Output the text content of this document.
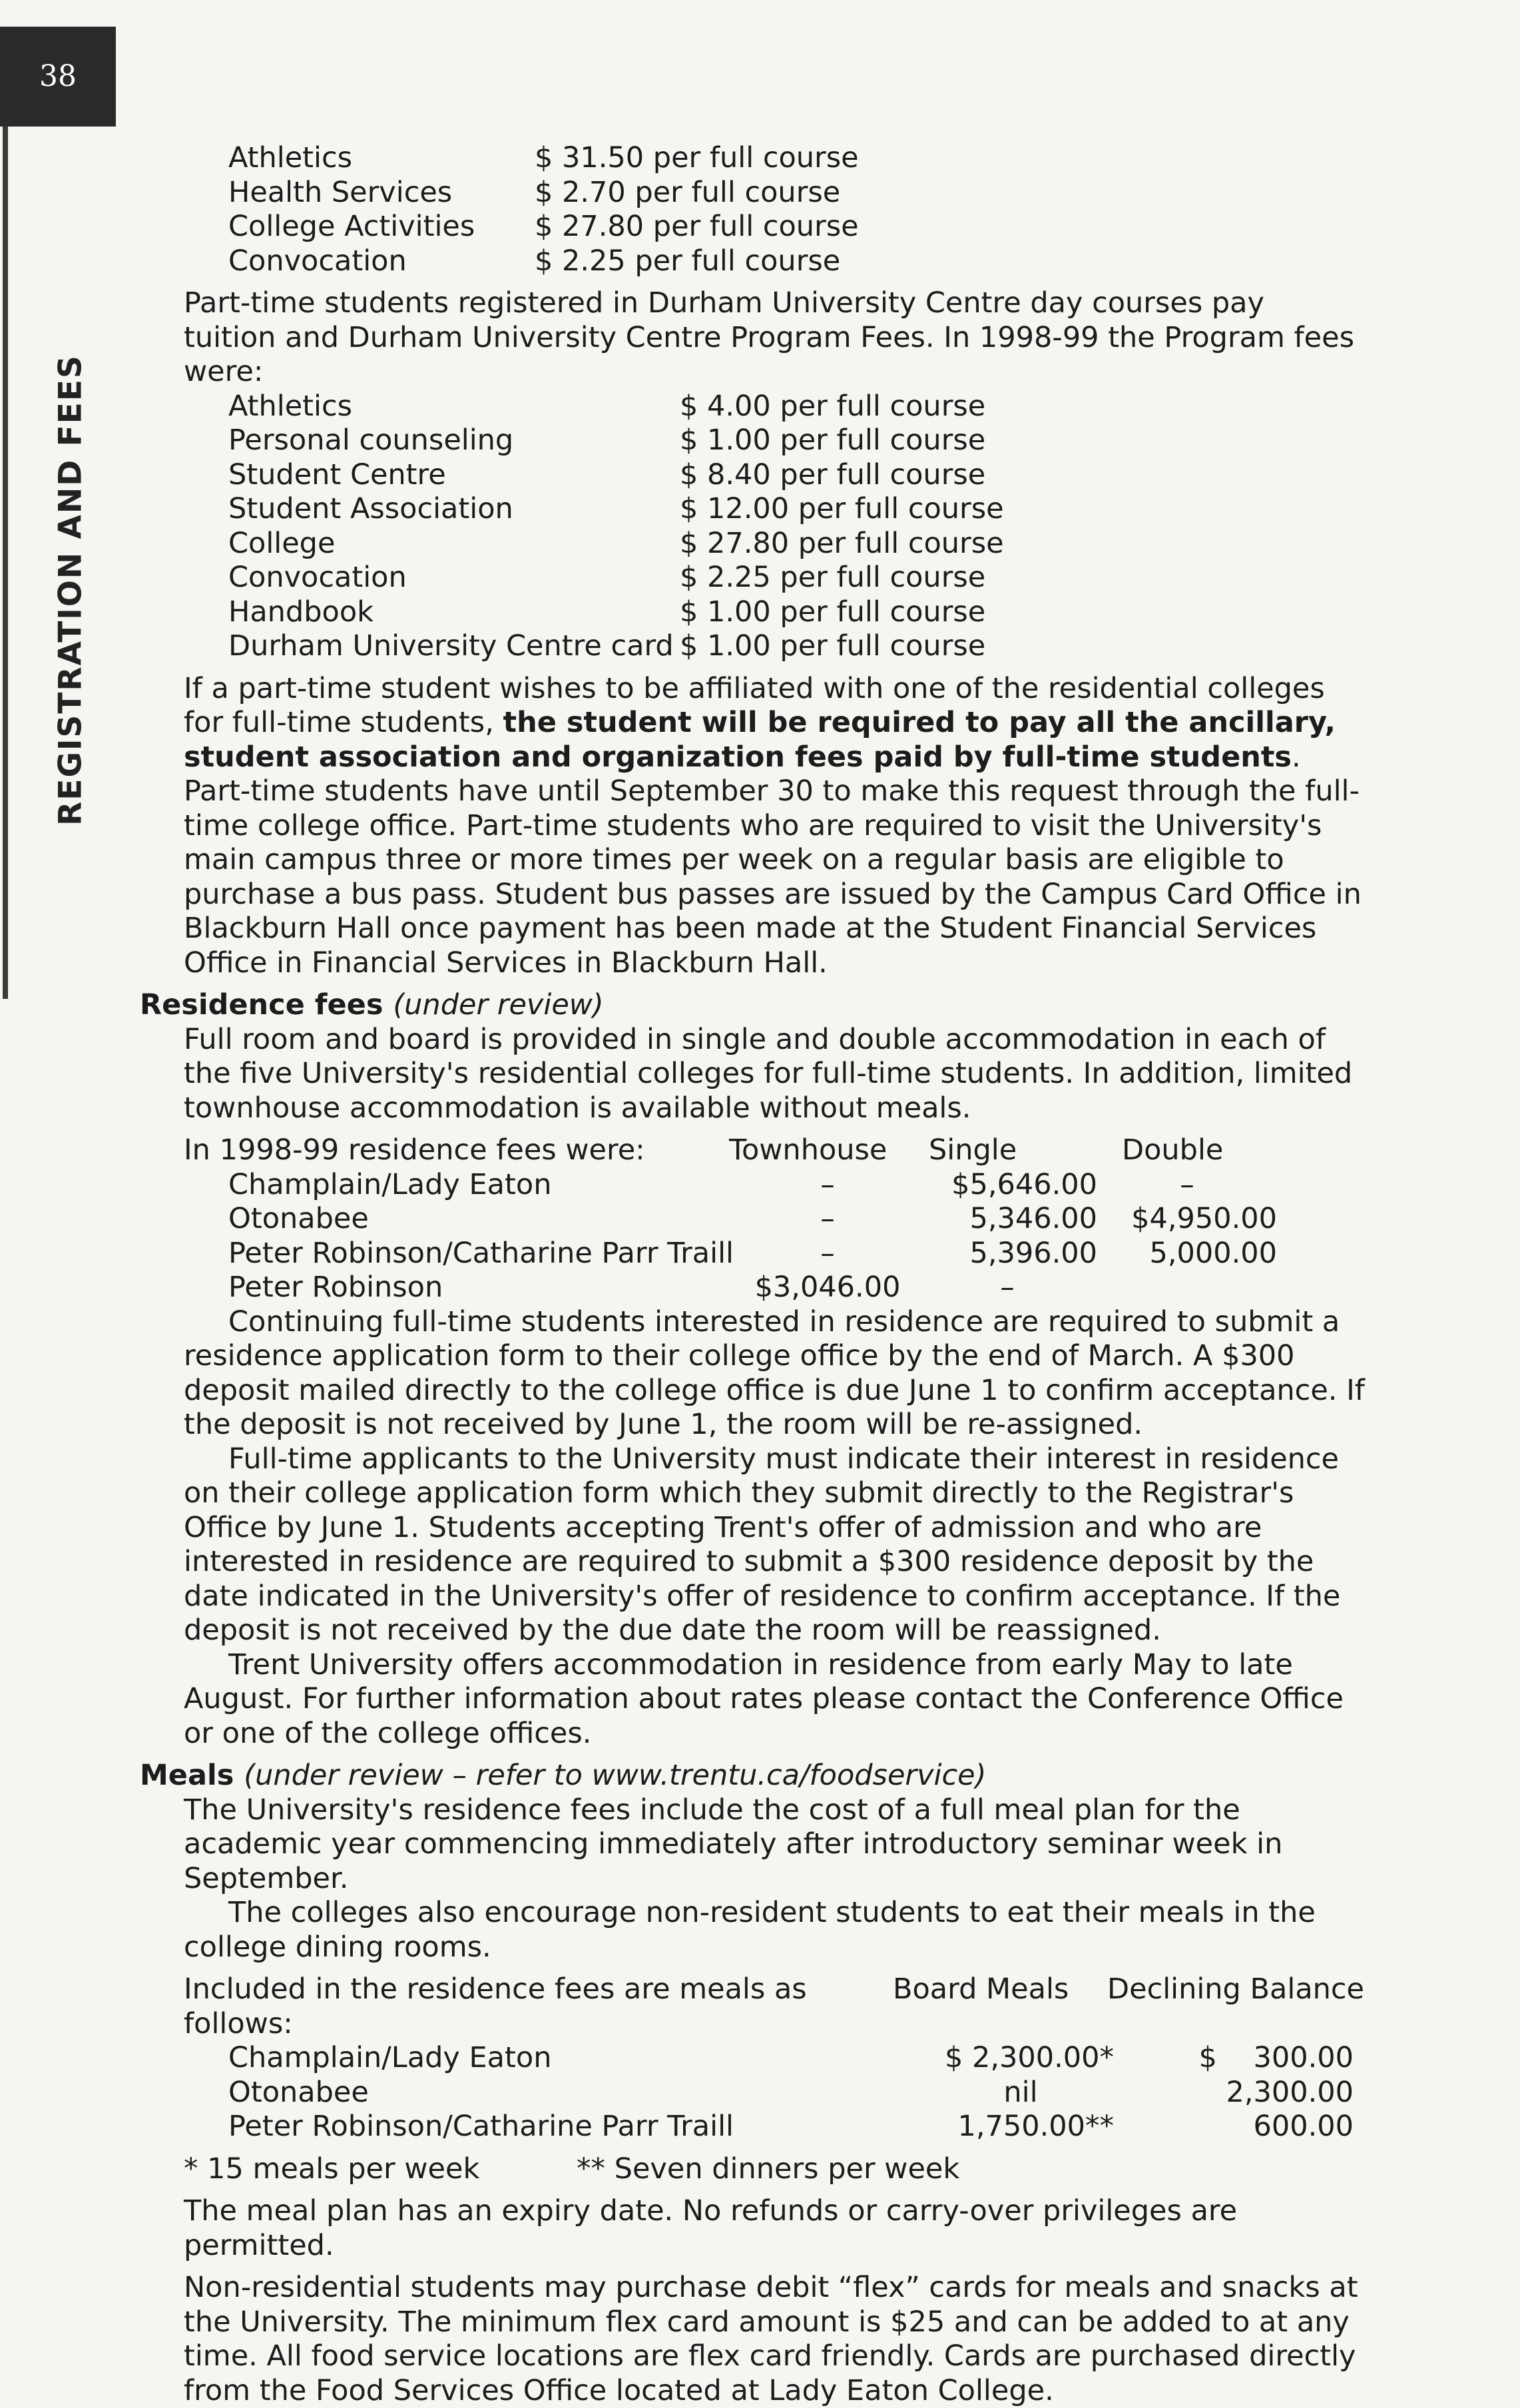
38
REGISTRATION AND FEES
Athletics	$ 31.50 per full course
Health Services	$ 2.70 per full course
College Activities	$ 27.80 per full course
Convocation	$ 2.25 per full course

Part-time students registered in Durham University Centre day courses pay tuition and Durham University Centre Program Fees. In 1998-99 the Program fees were:

Athletics	$ 4.00 per full course
Personal counseling	$ 1.00 per full course
Student Centre	$ 8.40 per full course
Student Association	$ 12.00 per full course
College	$ 27.80 per full course
Convocation	$ 2.25 per full course
Handbook	$ 1.00 per full course
Durham University Centre card $ 1.00 per full course

If a part-time student wishes to be affiliated with one of the residential colleges for full-time students, the student will be required to pay all the ancillary, student association and organization fees paid by full-time students. Part-time students have until September 30 to make this request through the full-time college office. Part-time students who are required to visit the University's main campus three or more times per week on a regular basis are eligible to purchase a bus pass. Student bus passes are issued by the Campus Card Office in Blackburn Hall once payment has been made at the Student Financial Services Office in Financial Services in Blackburn Hall.

Residence fees (under review)

Full room and board is provided in single and double accommodation in each of the five University's residential colleges for full-time students. In addition, limited townhouse accommodation is available without meals.

In 1998-99 residence fees were:	Townhouse	Single	Double
Champlain/Lady Eaton	–	$5,646.00	–
Otonabee	–	5,346.00	$4,950.00
Peter Robinson/Catharine Parr Traill	–	5,396.00	5,000.00
Peter Robinson	$3,046.00	–

Continuing full-time students interested in residence are required to submit a residence application form to their college office by the end of March. A $300 deposit mailed directly to the college office is due June 1 to confirm acceptance. If the deposit is not received by June 1, the room will be re-assigned.

Full-time applicants to the University must indicate their interest in residence on their college application form which they submit directly to the Registrar's Office by June 1. Students accepting Trent's offer of admission and who are interested in residence are required to submit a $300 residence deposit by the date indicated in the University's offer of residence to confirm acceptance. If the deposit is not received by the due date the room will be reassigned.

Trent University offers accommodation in residence from early May to late August. For further information about rates please contact the Conference Office or one of the college offices.

Meals (under review – refer to www.trentu.ca/foodservice)

The University's residence fees include the cost of a full meal plan for the academic year commencing immediately after introductory seminar week in September.

The colleges also encourage non-resident students to eat their meals in the college dining rooms.

Included in the residence fees are meals as follows:
Board Meals	Declining Balance
Champlain/Lady Eaton	$ 2,300.00*	$    300.00
Otonabee	nil	2,300.00
Peter Robinson/Catharine Parr Traill	1,750.00**	600.00
* 15 meals per week	** Seven dinners per week

The meal plan has an expiry date. No refunds or carry-over privileges are permitted.

Non-residential students may purchase debit “flex” cards for meals and snacks at the University. The minimum flex card amount is $25 and can be added to at any time. All food service locations are flex card friendly. Cards are purchased directly from the Food Services Office located at Lady Eaton College.
